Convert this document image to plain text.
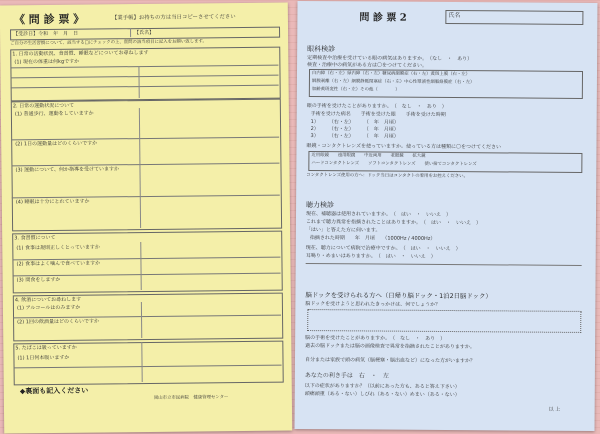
《 問 診 票 》	【業手帳】お持ちの方は当日コピーさせてください
【受診日】令和　年　月　日	【氏名】
ご自分の生活習慣について、該当する□にチェックの上、質問の該当項目に記入をお願い致します。
1. 日常の活動状況、食習慣、睡眠などについてお尋ねします
(1) 現在の体重は何kgですか
2. 日常の運動状況について
(1) 普通歩行、運動をしていますか
(2) 1日の運動量はどのくらいですか
(3) 運動について、何か指導を受けていますか
(4) 睡眠は十分にとれていますか
3. 食習慣について
(1) 食事は規則正しくとっていますか
(2) 食事はよく噛んで食べていますか
(3) 間食をしますか
4. 飲酒についてお尋ねします
(1) アルコールはのみますか
(2) 1回の飲酒量はどのくらいですか
5. たばこは吸っていますか
(1) 1日何本吸いますか
◆裏面も記入ください
岡山市立市民病院　健康管理センター
問 診 票 2	氏名
眼科検診
定期検査や治療を受けている眼の病気はありますか。　（なし　・　あり）
検査・治療中の病気がある方は〇をつけてください。
白内障（右・左）緑内障（右・左）糖尿病網膜症（右・左）黄斑上膜（右・左）
網膜剥離（右・左）網膜静脈閉塞症（右・左）中心性漿液性網脈絡膜症（右・左）
加齢黄斑変性（右・左）その他（　　　　）
眼の手術を受けたことがありますか。　（　なし　・　あり　）
手術を受けた病名　　手術を受けた眼　　手術を受けた時期
1）　　　（右・左）　　　（　年　月頃）
2）　　　（右・左）　　　（　年　月頃）
3）　　　（右・左）　　　（　年　月頃）
眼鏡・コンタクトレンズを使っていますか。使っている方は種類に〇をつけてください
近用眼鏡　　遠用眼鏡　　中近両用　　老眼鏡　　拡大鏡
ハードコンタクトレンズ　　ソフトコンタクトレンズ　　使い捨てコンタクトレンズ
コンタクトレンズ使用の方へ：ドック当日はコンタクトの着用をお控えください。
聴力検診
現在、補聴器は使用されていますか。　（　はい　・　いいえ　）
これまで聴力異常を指摘されたことはありますか。　（　はい　・　いいえ　）
「はい」と答えた方に伺います。
指摘された時期　　年　月頃　　（1000Hz / 4000Hz）
現在、聴力について病院で治療中ですか。　（　はい　・　いいえ　）
耳鳴り・めまいはありますか。　（　はい　・　いいえ　）
脳ドックを受けられる方へ（日帰り脳ドック・1泊2日脳ドック）
脳ドックを受けようと思われたきっかけは、何でしょうか？
脳の手術を受けたことがありますか。　（　なし　・　あり　）
過去の脳ドックまたは脳の画像検査で異常を指摘されたことがありますか。
自分または家族で頭の病気（脳梗塞・脳出血など）になった方がいますか？
あなたの利き手は　右　・　左
以下の症状がありますか？（以前にあった方も、あると答え下さい）
頭痛頭重（ある・ない）しびれ（ある・ない）めまい（ある・ない）
以 上
